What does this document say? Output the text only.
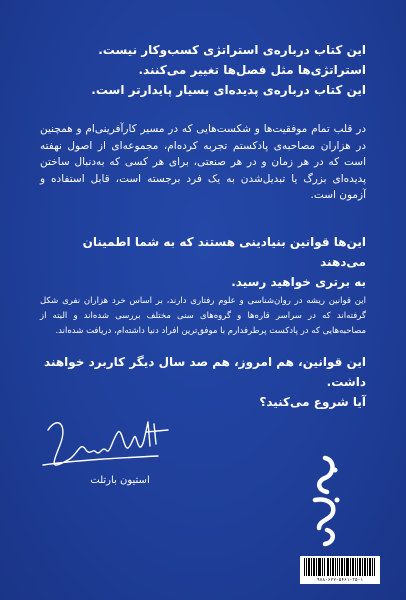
این کتاب درباره‌ی استراتژی کسب‌و‌کار نیست.
استراتژی‌ها مثل فصل‌ها تغییر می‌کنند.
این کتاب درباره‌ی پدیده‌ای بسیار پایدارتر است.
در قلب تمام موفقیت‌ها و شکست‌هایی که در مسیر کارآفرینی‌ام و همچنین در هزاران مصاحبه‌ی پادکستم تجربه کرده‌ام، مجموعه‌ای از اصول نهفته است که در هر زمان و در هر صنعتی، برای هر کسی که به‌دنبال ساختن پدیده‌ای بزرگ یا تبدیل‌شدن به یک فرد برجسته است، قابل استفاده و آزمون است.
این‌ها قوانین بنیادینی هستند که به شما اطمینان می‌دهند
به برتری خواهید رسید.
این قوانین ریشه در روان‌شناسی و علوم رفتاری دارند، بر اساس خرد هزاران نفری شکل گرفته‌اند که در سراسر قاره‌ها و گروه‌های سنی مختلف بررسی شده‌اند و البته از مصاحبه‌هایی که در پادکست پرطرفدارم با موفق‌ترین افراد دنیا داشته‌ام، دریافت شده‌اند.
این قوانین، هم امروز، هم صد سال دیگر کاربرد خواهند داشت.
آیا شروع می‌کنید؟
استیون بارتلت
۹۷۸-۶۲۲-۵۴۶۱-۳۵-۱
